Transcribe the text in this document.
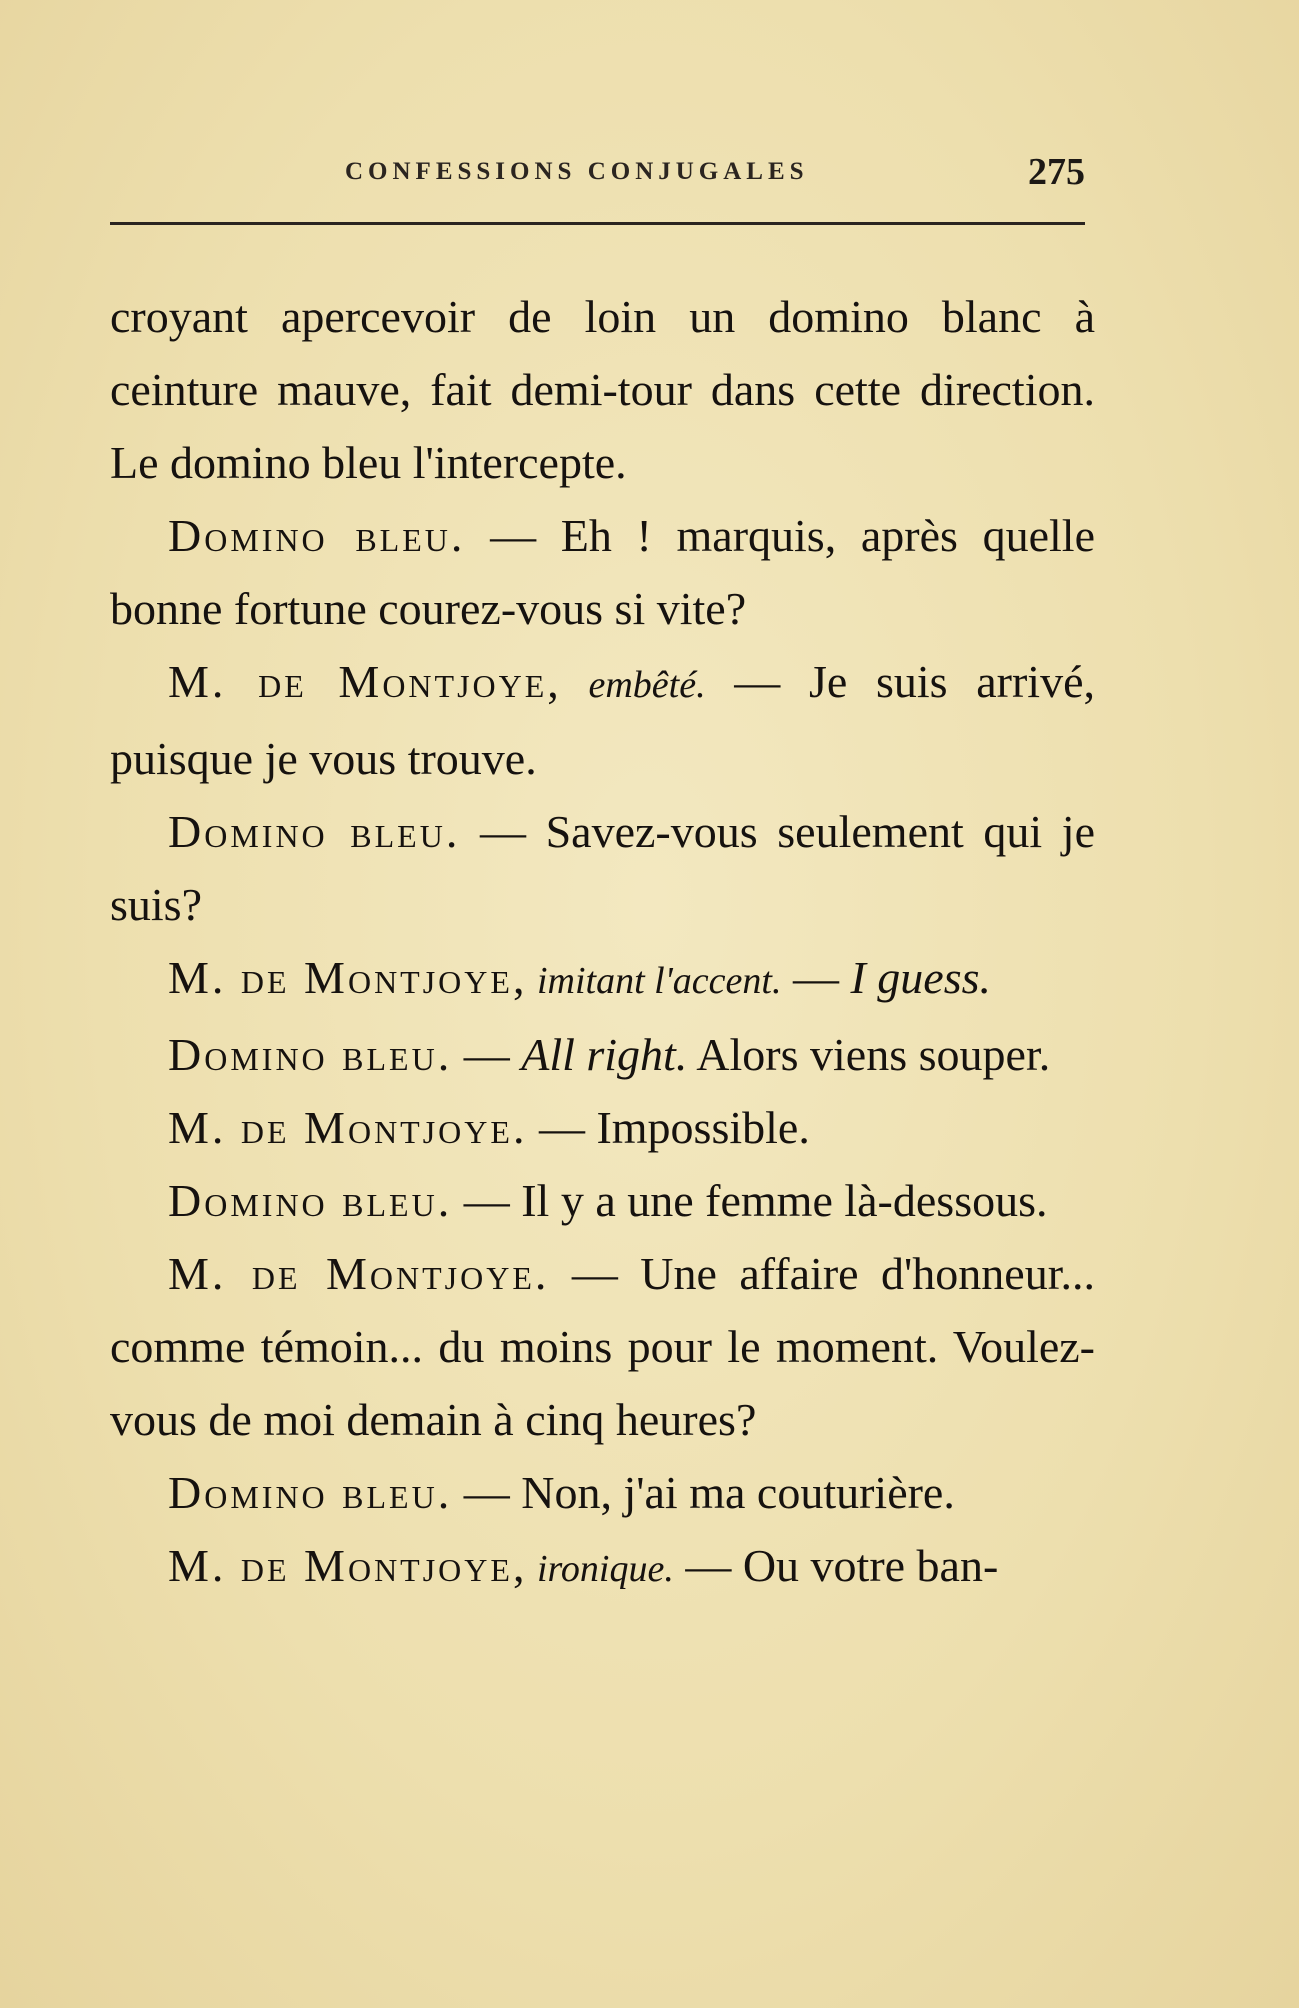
CONFESSIONS CONJUGALES	275

croyant apercevoir de loin un domino blanc à ceinture mauve, fait demi-tour dans cette direction. Le domino bleu l'intercepte.

Domino bleu. — Eh ! marquis, après quelle bonne fortune courez-vous si vite?

M. de Montjoye, embêté. — Je suis arrivé, puisque je vous trouve.

Domino bleu. — Savez-vous seulement qui je suis?

M. de Montjoye, imitant l'accent. — I guess.

Domino bleu. — All right. Alors viens souper.

M. de Montjoye. — Impossible.

Domino bleu. — Il y a une femme là-dessous.

M. de Montjoye. — Une affaire d'honneur... comme témoin... du moins pour le moment. Voulez-vous de moi demain à cinq heures?

Domino bleu. — Non, j'ai ma couturière.

M. de Montjoye, ironique. — Ou votre ban-
